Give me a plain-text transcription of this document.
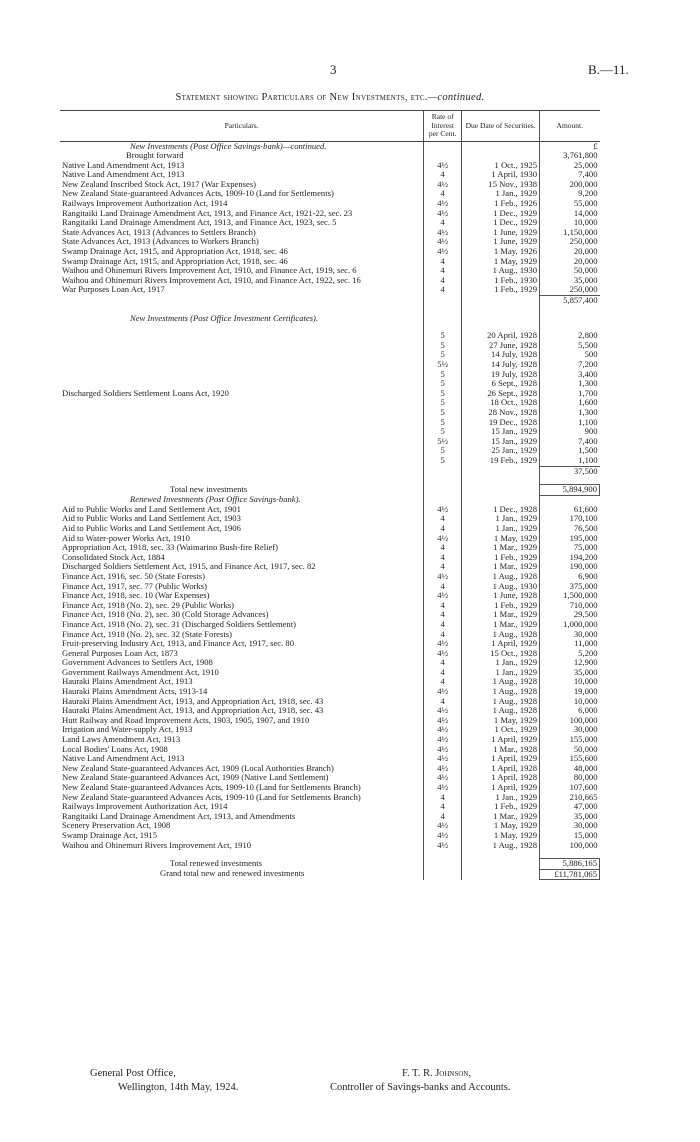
3	B.—11.
Statement showing Particulars of New Investments, etc.—continued.
Particulars.	Rate of Interest per Cent.	Due Date of Securities.	Amount.
New Investments (Post Office Savings-bank)—continued.			£
Brought forward			3,761,800
Native Land Amendment Act, 1913	4½	1 Oct., 1925	25,000
Native Land Amendment Act, 1913	4	1 April, 1930	7,400
New Zealand Inscribed Stock Act, 1917 (War Expenses)	4½	15 Nov., 1938	200,000
New Zealand State-guaranteed Advances Acts, 1909-10 (Land for Settlements)	4	1 Jan., 1929	9,200
Railways Improvement Authorization Act, 1914	4½	1 Feb., 1926	55,000
Rangitaiki Land Drainage Amendment Act, 1913, and Finance Act, 1921-22, sec. 23	4½	1 Dec., 1929	14,000
Rangitaiki Land Drainage Amendment Act, 1913, and Finance Act, 1923, sec. 5	4	1 Dec., 1929	10,000
State Advances Act, 1913 (Advances to Settlers Branch)	4½	1 June, 1929	1,150,000
State Advances Act, 1913 (Advances to Workers Branch)	4½	1 June, 1929	250,000
Swamp Drainage Act, 1915, and Appropriation Act, 1918, sec. 46	4½	1 May, 1926	20,000
Swamp Drainage Act, 1915, and Appropriation Act, 1918, sec. 46	4	1 May, 1929	20,000
Waihou and Ohinemuri Rivers Improvement Act, 1910, and Finance Act, 1919, sec. 6	4	1 Aug., 1930	50,000
Waihou and Ohinemuri Rivers Improvement Act, 1910, and Finance Act, 1922, sec. 16	4	1 Feb., 1930	35,000
War Purposes Loan Act, 1917	4	1 Feb., 1929	250,000
			5,857,400

New Investments (Post Office Investment Certificates).			

	5	20 April, 1928	2,800
	5	27 June, 1928	5,500
	5	14 July, 1928	500
	5½	14 July, 1928	7,200
	5	19 July, 1928	3,400
	5	6 Sept., 1928	1,300
Discharged Soldiers Settlement Loans Act, 1920	5	26 Sept., 1928	1,700
	5	18 Oct., 1928	1,600
	5	28 Nov., 1928	1,300
	5	19 Dec., 1928	1,100
	5	15 Jan., 1929	900
	5½	15 Jan., 1929	7,400
	5	25 Jan., 1929	1,500
	5	19 Feb., 1929	1,100
			37,500

Total new investments			5,894,900
Renewed Investments (Post Office Savings-bank).			
Aid to Public Works and Land Settlement Act, 1901	4½	1 Dec., 1928	61,600
Aid to Public Works and Land Settlement Act, 1903	4	1 Jan., 1929	170,100
Aid to Public Works and Land Settlement Act, 1906	4	1 Jan., 1929	76,500
Aid to Water-power Works Act, 1910	4½	1 May, 1929	195,000
Appropriation Act, 1918, sec. 33 (Waimarino Bush-fire Relief)	4	1 Mar., 1929	75,000
Consolidated Stock Act, 1884	4	1 Feb., 1929	194,200
Discharged Soldiers Settlement Act, 1915, and Finance Act, 1917, sec. 82	4	1 Mar., 1929	190,000
Finance Act, 1916, sec. 50 (State Forests)	4½	1 Aug., 1928	6,900
Finance Act, 1917, sec. 77 (Public Works)	4	1 Aug., 1930	375,000
Finance Act, 1918, sec. 10 (War Expenses)	4½	1 June, 1928	1,500,000
Finance Act, 1918 (No. 2), sec. 29 (Public Works)	4	1 Feb., 1929	710,000
Finance Act, 1918 (No. 2), sec. 30 (Cold Storage Advances)	4	1 Mar., 1929	29,500
Finance Act, 1918 (No. 2), sec. 31 (Discharged Soldiers Settlement)	4	1 Mar., 1929	1,000,000
Finance Act, 1918 (No. 2), sec. 32 (State Forests)	4	1 Aug., 1928	30,000
Fruit-preserving Industry Act, 1913, and Finance Act, 1917, sec. 80	4½	1 April, 1929	11,000
General Purposes Loan Act, 1873	4½	15 Oct., 1928	5,200
Government Advances to Settlers Act, 1908	4	1 Jan., 1929	12,900
Government Railways Amendment Act, 1910	4	1 Jan., 1929	35,000
Hauraki Plains Amendment Act, 1913	4	1 Aug., 1928	10,000
Hauraki Plains Amendment Acts, 1913-14	4½	1 Aug., 1928	19,000
Hauraki Plains Amendment Act, 1913, and Appropriation Act, 1918, sec. 43	4	1 Aug., 1928	10,000
Hauraki Plains Amendment Act, 1913, and Appropriation Act, 1918, sec. 43	4½	1 Aug., 1928	6,000
Hutt Railway and Road Improvement Acts, 1903, 1905, 1907, and 1910	4½	1 May, 1929	100,000
Irrigation and Water-supply Act, 1913	4½	1 Oct., 1929	30,000
Land Laws Amendment Act, 1913	4½	1 April, 1929	155,000
Local Bodies' Loans Act, 1908	4½	1 Mar., 1928	50,000
Native Land Amendment Act, 1913	4½	1 April, 1929	155,600
New Zealand State-guaranteed Advances Act, 1909 (Local Authorities Branch)	4½	1 April, 1928	48,000
New Zealand State-guaranteed Advances Act, 1909 (Native Land Settlement)	4½	1 April, 1928	80,000
New Zealand State-guaranteed Advances Acts, 1909-10 (Land for Settlements Branch)	4½	1 April, 1929	107,600
New Zealand State-guaranteed Advances Acts, 1909-10 (Land for Settlements Branch)	4	1 Jan., 1929	210,665
Railways Improvement Authorization Act, 1914	4	1 Feb., 1929	47,000
Rangitaiki Land Drainage Amendment Act, 1913, and Amendments	4	1 Mar., 1929	35,000
Scenery Preservation Act, 1908	4½	1 May, 1929	30,000
Swamp Drainage Act, 1915	4½	1 May, 1929	15,000
Waihou and Ohinemuri Rivers Improvement Act, 1910	4½	1 Aug., 1928	100,000

Total renewed investments			5,886,165
Grand total new and renewed investments			£11,781,065
General Post Office,
Wellington, 14th May, 1924.
F. T. R. Johnson,
Controller of Savings-banks and Accounts.
